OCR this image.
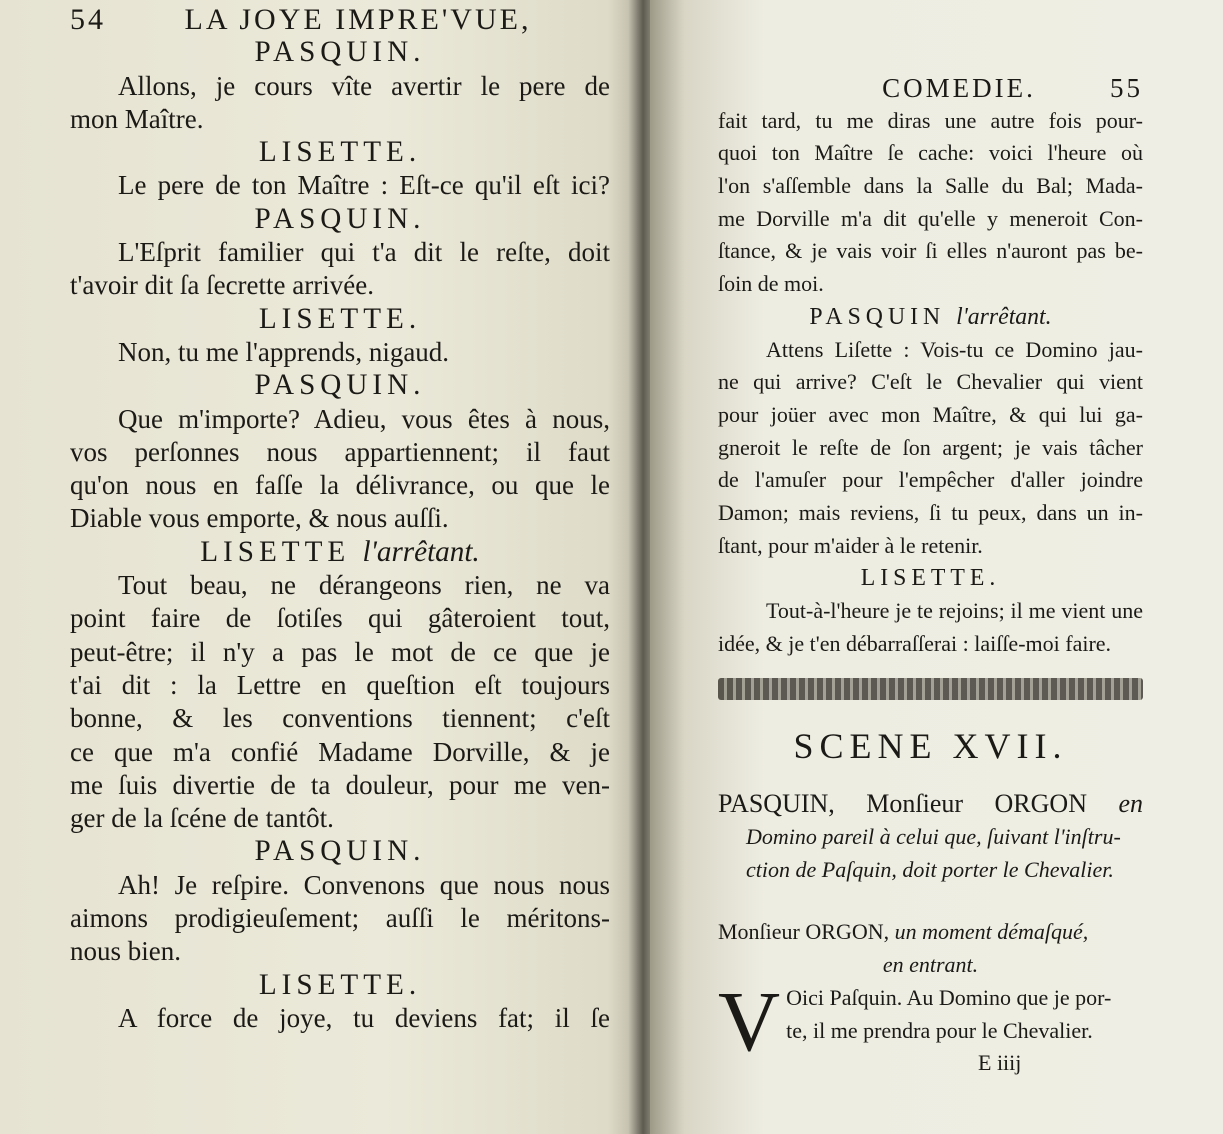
54	LA JOYE IMPRE'VUE,
PASQUIN.
Allons, je cours vîte avertir le pere de
mon Maître.
LISETTE.
Le pere de ton Maître : Eſt-ce qu'il eſt ici?
PASQUIN.
L'Eſprit familier qui t'a dit le reſte, doit
t'avoir dit ſa ſecrette arrivée.
LISETTE.
Non, tu me l'apprends, nigaud.
PASQUIN.
Que m'importe? Adieu, vous êtes à nous,
vos perſonnes nous appartiennent; il faut
qu'on nous en faſſe la délivrance, ou que le
Diable vous emporte, & nous auſſi.
LISETTE l'arrêtant.
Tout beau, ne dérangeons rien, ne va
point faire de ſotiſes qui gâteroient tout,
peut-être; il n'y a pas le mot de ce que je
t'ai dit : la Lettre en queſtion eſt toujours
bonne, & les conventions tiennent; c'eſt
ce que m'a confié Madame Dorville, & je
me ſuis divertie de ta douleur, pour me ven-
ger de la ſcéne de tantôt.
PASQUIN.
Ah! Je reſpire. Convenons que nous nous
aimons prodigieuſement; auſſi le méritons-
nous bien.
LISETTE.
A force de joye, tu deviens fat; il ſe
COMEDIE.	55
fait tard, tu me diras une autre fois pour-
quoi ton Maître ſe cache: voici l'heure où
l'on s'aſſemble dans la Salle du Bal; Mada-
me Dorville m'a dit qu'elle y meneroit Con-
ſtance, & je vais voir ſi elles n'auront pas be-
ſoin de moi.
PASQUIN l'arrêtant.
Attens Liſette : Vois-tu ce Domino jau-
ne qui arrive? C'eſt le Chevalier qui vient
pour joüer avec mon Maître, & qui lui ga-
gneroit le reſte de ſon argent; je vais tâcher
de l'amuſer pour l'empêcher d'aller joindre
Damon; mais reviens, ſi tu peux, dans un in-
ſtant, pour m'aider à le retenir.
LISETTE.
Tout-à-l'heure je te rejoins; il me vient une
idée, & je t'en débarraſſerai : laiſſe-moi faire.
SCENE XVII.
PASQUIN, Monſieur ORGON en
Domino pareil à celui que, ſuivant l'inſtru-
ction de Paſquin, doit porter le Chevalier.
Monſieur ORGON, un moment démaſqué,
en entrant.
V Oici Paſquin. Au Domino que je por-
te, il me prendra pour le Chevalier.
E iiij
